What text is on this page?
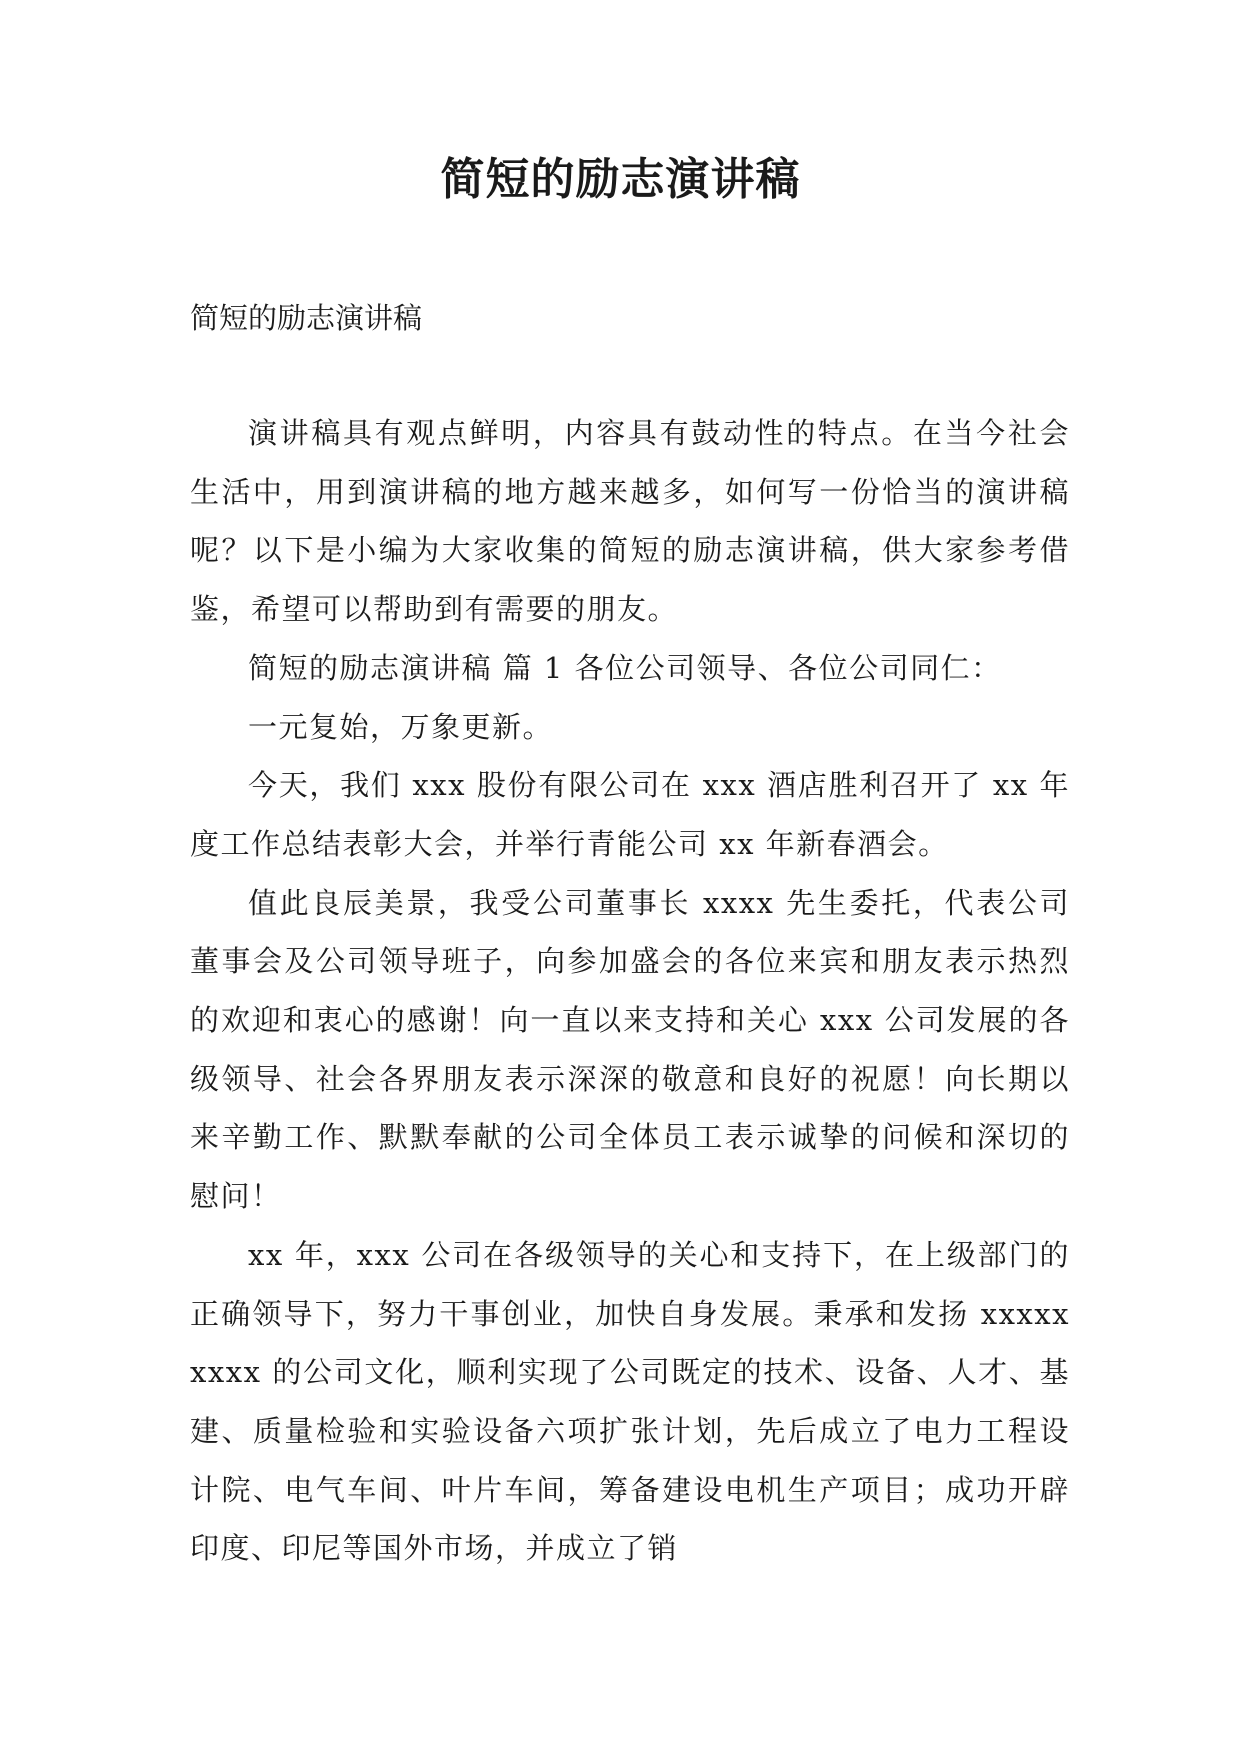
简短的励志演讲稿
简短的励志演讲稿

演讲稿具有观点鲜明，内容具有鼓动性的特点。在当今社会生活中，用到演讲稿的地方越来越多，如何写一份恰当的演讲稿呢？以下是小编为大家收集的简短的励志演讲稿，供大家参考借鉴，希望可以帮助到有需要的朋友。

简短的励志演讲稿 篇 1 各位公司领导、各位公司同仁：

一元复始，万象更新。

今天，我们 xxx 股份有限公司在 xxx 酒店胜利召开了 xx 年度工作总结表彰大会，并举行青能公司 xx 年新春酒会。

值此良辰美景，我受公司董事长 xxxx 先生委托，代表公司董事会及公司领导班子，向参加盛会的各位来宾和朋友表示热烈的欢迎和衷心的感谢！向一直以来支持和关心 xxx 公司发展的各级领导、社会各界朋友表示深深的敬意和良好的祝愿！向长期以来辛勤工作、默默奉献的公司全体员工表示诚挚的问候和深切的慰问！

xx 年，xxx 公司在各级领导的关心和支持下，在上级部门的正确领导下，努力干事创业，加快自身发展。秉承和发扬 xxxxxxxxx 的公司文化，顺利实现了公司既定的技术、设备、人才、基建、质量检验和实验设备六项扩张计划，先后成立了电力工程设计院、电气车间、叶片车间，筹备建设电机生产项目；成功开辟印度、印尼等国外市场，并成立了销
